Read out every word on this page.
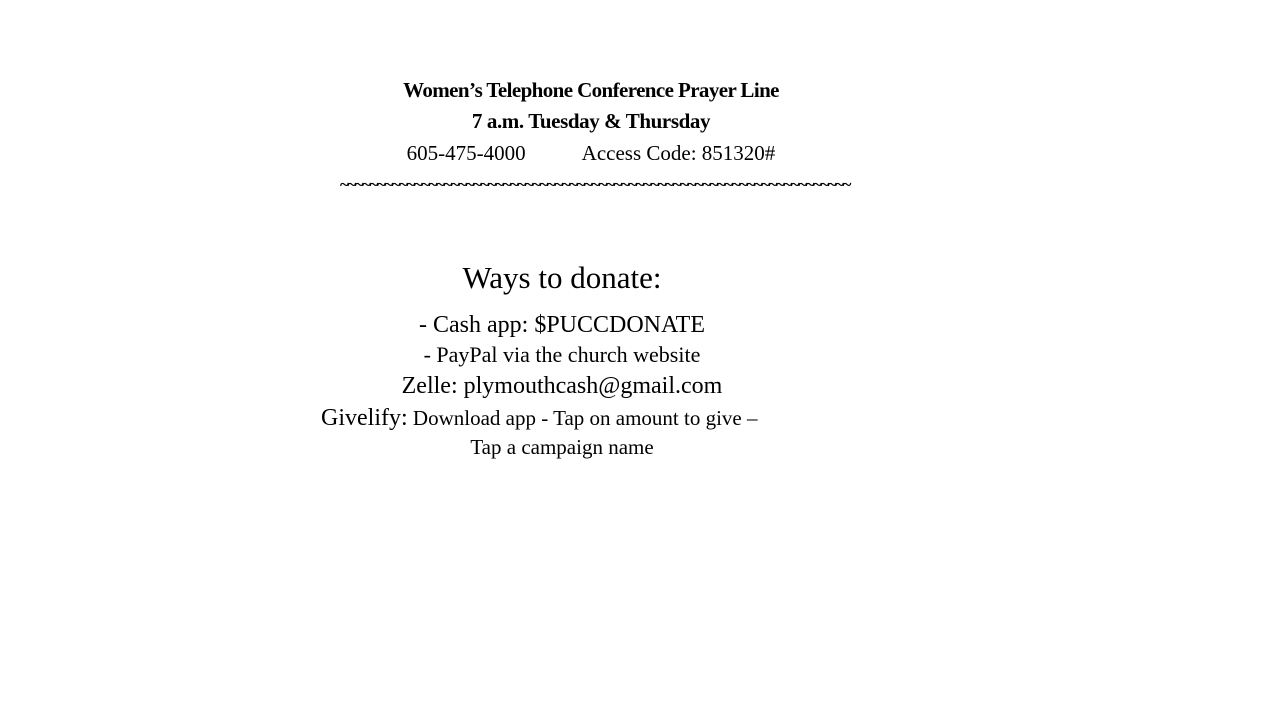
Women’s Telephone Conference Prayer Line
7 a.m. Tuesday & Thursday
605-475-4000	Access Code: 851320#
~~~~~~~~~~~~~~~~~~~~~~~~~~~~~~~~~~~~~~~~~~~~~~~~~~~~~~~~~~~~~~~~~~~~~
Ways to donate:
- Cash app: $PUCCDONATE
- PayPal via the church website
Zelle: plymouthcash@gmail.com
Givelify: Download app - Tap on amount to give –
Tap a campaign name
